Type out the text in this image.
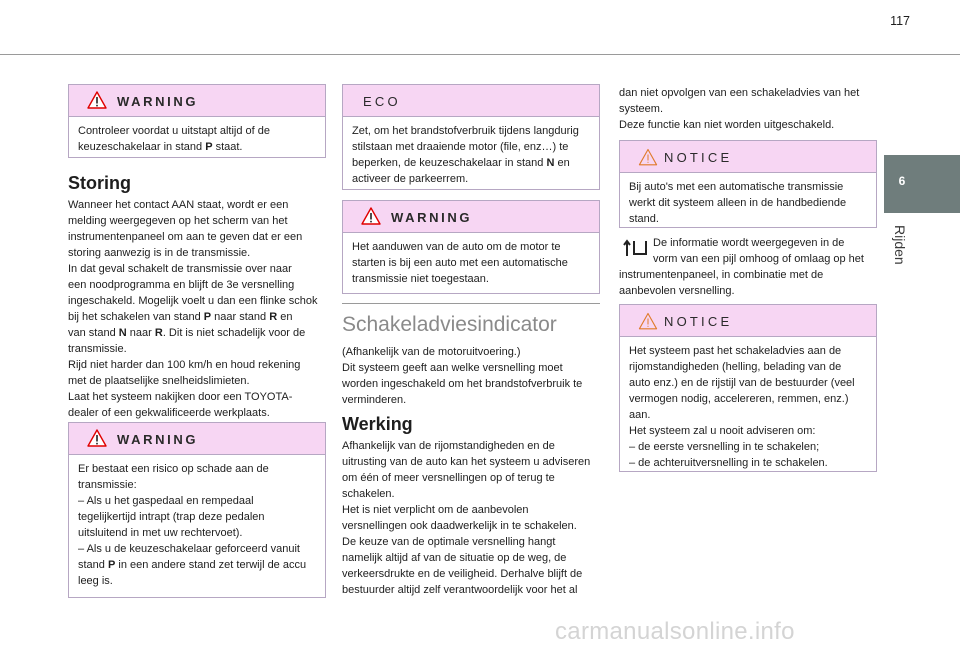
117
WARNING
Controleer voordat u uitstapt altijd of de
keuzeschakelaar in stand P staat.
Storing
Wanneer het contact AAN staat, wordt er een
melding weergegeven op het scherm van het
instrumentenpaneel om aan te geven dat er een
storing aanwezig is in de transmissie.
In dat geval schakelt de transmissie over naar
een noodprogramma en blijft de 3e versnelling
ingeschakeld. Mogelijk voelt u dan een flinke schok
bij het schakelen van stand P naar stand R en
van stand N naar R. Dit is niet schadelijk voor de
transmissie.
Rijd niet harder dan 100 km/h en houd rekening
met de plaatselijke snelheidslimieten.
Laat het systeem nakijken door een TOYOTA-
dealer of een gekwalificeerde werkplaats.
WARNING
Er bestaat een risico op schade aan de
transmissie:
– Als u het gaspedaal en rempedaal
tegelijkertijd intrapt (trap deze pedalen
uitsluitend in met uw rechtervoet).
– Als u de keuzeschakelaar geforceerd vanuit
stand P in een andere stand zet terwijl de accu
leeg is.
ECO
Zet, om het brandstofverbruik tijdens langdurig
stilstaan met draaiende motor (file, enz…) te
beperken, de keuzeschakelaar in stand N en
activeer de parkeerrem.
WARNING
Het aanduwen van de auto om de motor te
starten is bij een auto met een automatische
transmissie niet toegestaan.
Schakeladviesindicator
(Afhankelijk van de motoruitvoering.)
Dit systeem geeft aan welke versnelling moet
worden ingeschakeld om het brandstofverbruik te
verminderen.
Werking
Afhankelijk van de rijomstandigheden en de
uitrusting van de auto kan het systeem u adviseren
om één of meer versnellingen op of terug te
schakelen.
Het is niet verplicht om de aanbevolen
versnellingen ook daadwerkelijk in te schakelen.
De keuze van de optimale versnelling hangt
namelijk altijd af van de situatie op de weg, de
verkeersdrukte en de veiligheid. Derhalve blijft de
bestuurder altijd zelf verantwoordelijk voor het al
dan niet opvolgen van een schakeladvies van het
systeem.
Deze functie kan niet worden uitgeschakeld.
NOTICE
Bij auto's met een automatische transmissie
werkt dit systeem alleen in de handbediende
stand.
De informatie wordt weergegeven in de
vorm van een pijl omhoog of omlaag op het
instrumentenpaneel, in combinatie met de
aanbevolen versnelling.
NOTICE
Het systeem past het schakeladvies aan de
rijomstandigheden (helling, belading van de
auto enz.) en de rijstijl van de bestuurder (veel
vermogen nodig, accelereren, remmen, enz.)
aan.
Het systeem zal u nooit adviseren om:
– de eerste versnelling in te schakelen;
– de achteruitversnelling in te schakelen.
6
Rijden
carmanualsonline.info
